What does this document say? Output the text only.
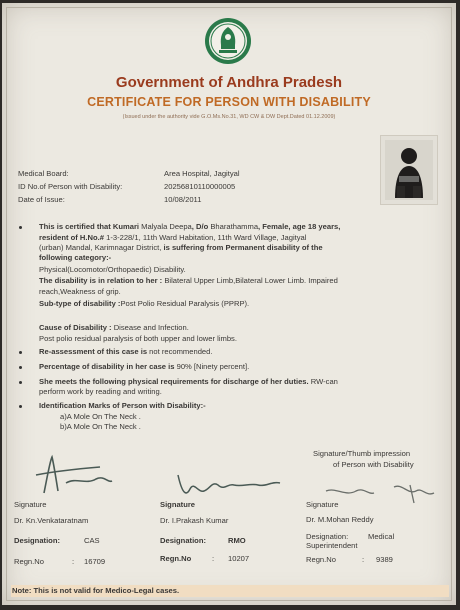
Government of Andhra Pradesh
CERTIFICATE FOR PERSON WITH DISABILITY
(Issued under the authority vide G.O.Ms.No.31, WD CW & DW Dept.Dated 01.12.2009)
Medical Board:	Area Hospital, Jagityal
ID No.of Person with Disability:	20256810110000005
Date of Issue:	10/08/2011
This is certified that Kumari Malyala Deepa, D/o Bharathamma, Female, age 18 years,
resident of H.No.# 1-3-228/1, 11th Ward Habitation, 11th Ward Village, Jagityal
(urban) Mandal, Karimnagar District, is suffering from Permanent disability of the
following category:-
Physical(Locomotor/Orthopaedic) Disability.
The disability is in relation to her : Bilateral Upper Limb,Bilateral Lower Limb. Impaired
reach,Weakness of grip.
Sub-type of disability :Post Polio Residual Paralysis (PPRP).
Cause of Disability : Disease and Infection.
Post polio residual paralysis of both upper and lower limbs.
Re-assessment of this case is not recommended.
Percentage of disability in her case is 90% [Ninety percent].
She meets the following physical requirements for discharge of her duties. RW-can
perform work by reading and writing.
Identification Marks of Person with Disability:-
a)A Mole On The Neck .
b)A Mole On The Neck .
Signature/Thumb impression
of Person with Disability
Signature
Dr. Kn.Venkataratnam
Designation:	CAS
Regn.No	: 16709
Signature
Dr. I.Prakash Kumar
Designation:	RMO
Regn.No	: 10207
Signature
Dr. M.Mohan Reddy
Designation:	Medical
Superintendent
Regn.No	: 9389
Note: This is not valid for Medico-Legal cases.
